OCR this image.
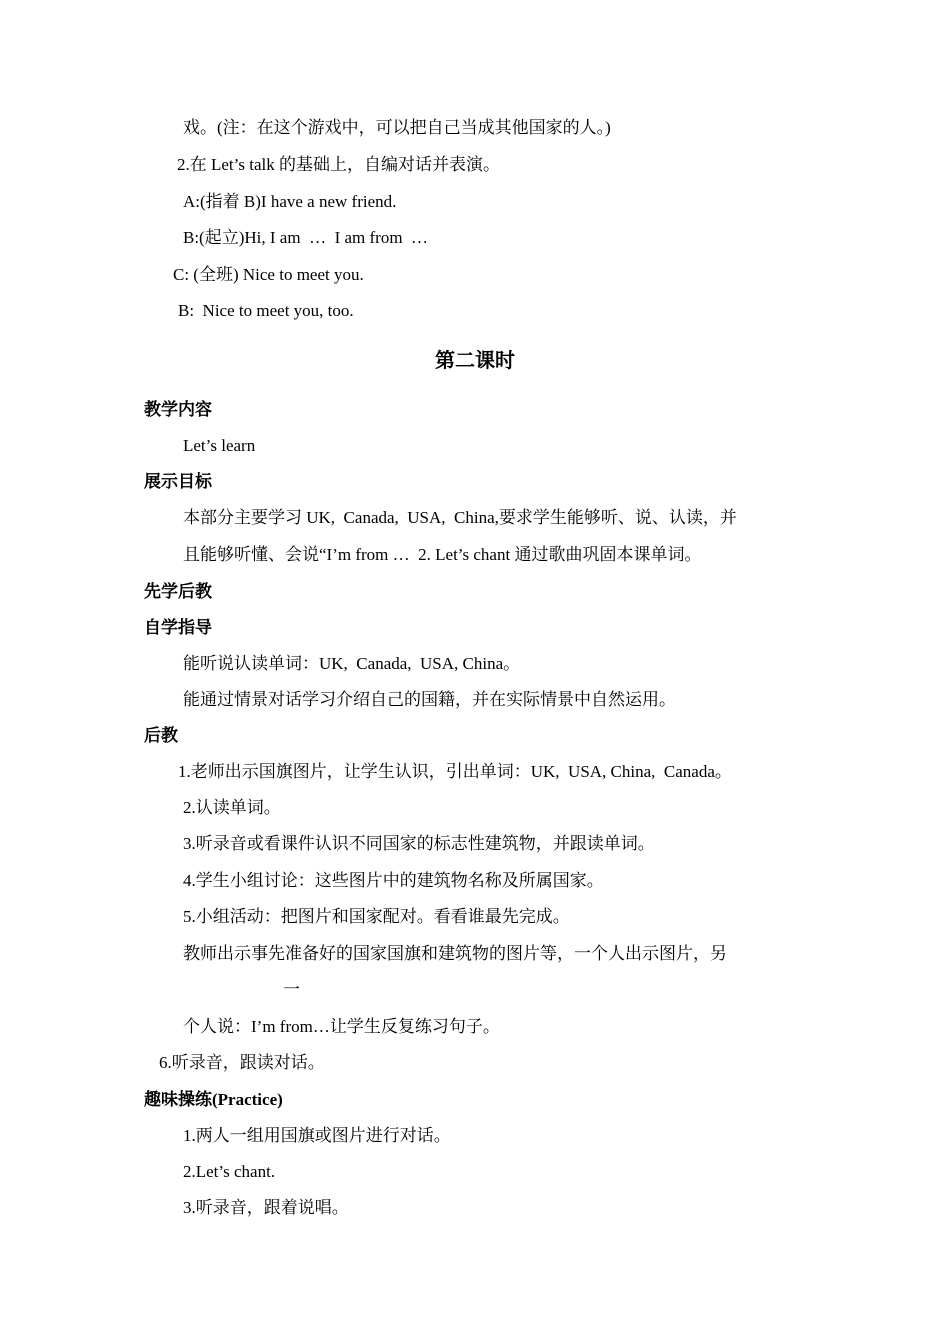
戏。(注：在这个游戏中，可以把自己当成其他国家的人。)

2.在 Let’s talk 的基础上，自编对话并表演。

A:(指着 B)I have a new friend.

B:(起立)Hi, I am  …  I am from  …

C: (全班) Nice to meet you.

B:  Nice to meet you, too.

第二课时

教学内容

Let’s learn

展示目标

本部分主要学习 UK,  Canada,  USA,  China,要求学生能够听、说、认读，并

且能够听懂、会说“I’m from …  2. Let’s chant 通过歌曲巩固本课单词。

先学后教

自学指导

能听说认读单词：UK,  Canada,  USA, China。

能通过情景对话学习介绍自己的国籍，并在实际情景中自然运用。

后教

1.老师出示国旗图片，让学生认识，引出单词：UK,  USA, China,  Canada。

2.认读单词。

3.听录音或看课件认识不同国家的标志性建筑物，并跟读单词。

4.学生小组讨论：这些图片中的建筑物名称及所属国家。

5.小组活动：把图片和国家配对。看看谁最先完成。

教师出示事先准备好的国家国旗和建筑物的图片等，一个人出示图片，另

一

个人说：I’m from…让学生反复练习句子。

6.听录音，跟读对话。

趣味操练(Practice)

1.两人一组用国旗或图片进行对话。

2.Let’s chant.

3.听录音，跟着说唱。
